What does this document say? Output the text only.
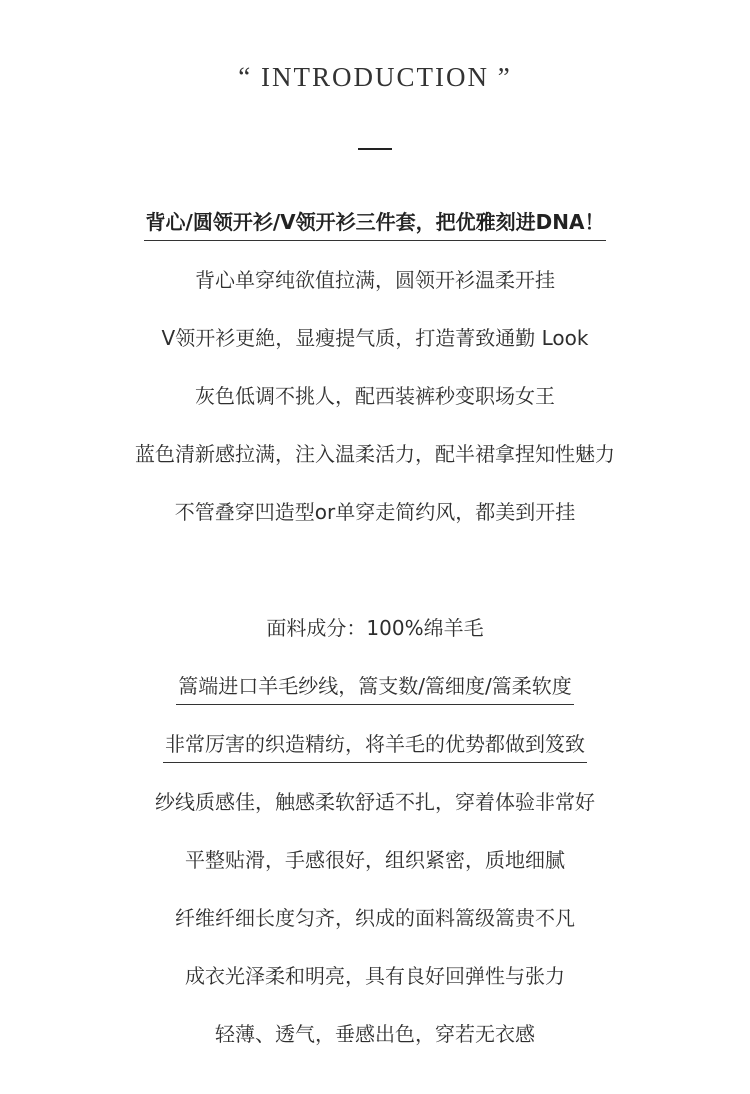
“ INTRODUCTION ”
背心/圆领开衫/V领开衫三件套，把优雅刻进DNA！
背心单穿纯欲值拉满，圆领开衫温柔开挂
V领开衫更絶，显瘦提气质，打造菁致通勤 Look
灰色低调不挑人，配西装裤秒变职场女王
蓝色清新感拉满，注入温柔活力，配半裙拿捏知性魅力
不管叠穿凹造型or单穿走简约风，都美到开挂
面料成分：100%绵羊毛
篙端进口羊毛纱线，篙支数/篙细度/篙柔软度
非常厉害的织造精纺，将羊毛的优势都做到笈致
纱线质感佳，触感柔软舒适不扎，穿着体验非常好
平整贴滑，手感很好，组织紧密，质地细腻
纤维纤细长度匀齐，织成的面料篙级篙贵不凡
成衣光泽柔和明亮，具有良好回弹性与张力
轻薄、透气，垂感出色，穿若无衣感
